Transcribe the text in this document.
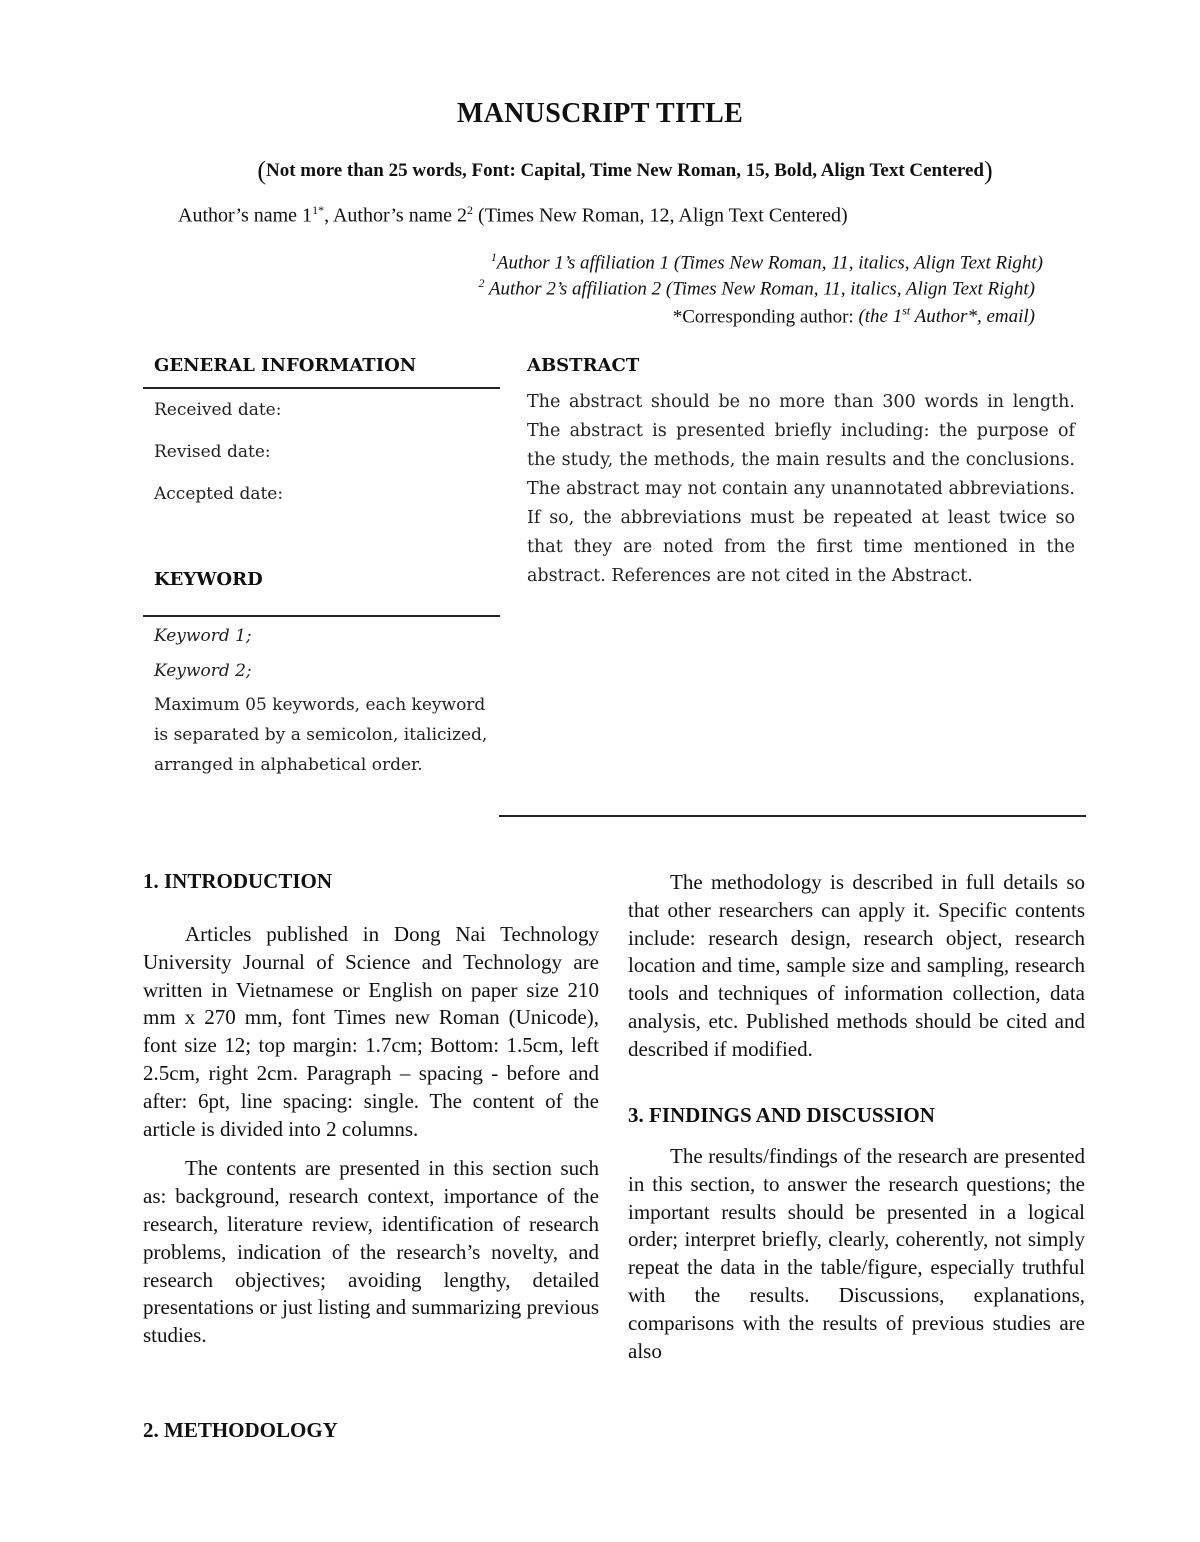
MANUSCRIPT TITLE
(Not more than 25 words, Font: Capital, Time New Roman, 15, Bold, Align Text Centered)
Author’s name $1^{1*}$, Author’s name $2^2$ (Times New Roman, 12, Align Text Centered)
$^1$Author 1’s affiliation 1 (Times New Roman, 11, italics, Align Text Right)
$^2$ Author 2’s affiliation 2 (Times New Roman, 11, italics, Align Text Right)
*Corresponding author: (the 1st Author*, email)
GENERAL INFORMATION
Received date:
Revised date:
Accepted date:
KEYWORD
Keyword 1;
Keyword 2;
Maximum 05 keywords, each keyword is separated by a semicolon, italicized, arranged in alphabetical order.
ABSTRACT
The abstract should be no more than 300 words in length. The abstract is presented briefly including: the purpose of the study, the methods, the main results and the conclusions. The abstract may not contain any unannotated abbreviations. If so, the abbreviations must be repeated at least twice so that they are noted from the first time mentioned in the abstract. References are not cited in the Abstract.
1. INTRODUCTION

Articles published in Dong Nai Technology University Journal of Science and Technology are written in Vietnamese or English on paper size 210 mm x 270 mm, font Times new Roman (Unicode), font size 12; top margin: 1.7cm; Bottom: 1.5cm, left 2.5cm, right 2cm. Paragraph – spacing - before and after: 6pt, line spacing: single. The content of the article is divided into 2 columns.

The contents are presented in this section such as: background, research context, importance of the research, literature review, identification of research problems, indication of the research’s novelty, and research objectives; avoiding lengthy, detailed presentations or just listing and summarizing previous studies.

2. METHODOLOGY

The methodology is described in full details so that other researchers can apply it. Specific contents include: research design, research object, research location and time, sample size and sampling, research tools and techniques of information collection, data analysis, etc. Published methods should be cited and described if modified.

3. FINDINGS AND DISCUSSION

The results/findings of the research are presented in this section, to answer the research questions; the important results should be presented in a logical order; interpret briefly, clearly, coherently, not simply repeat the data in the table/figure, especially truthful with the results. Discussions, explanations, comparisons with the results of previous studies are also
